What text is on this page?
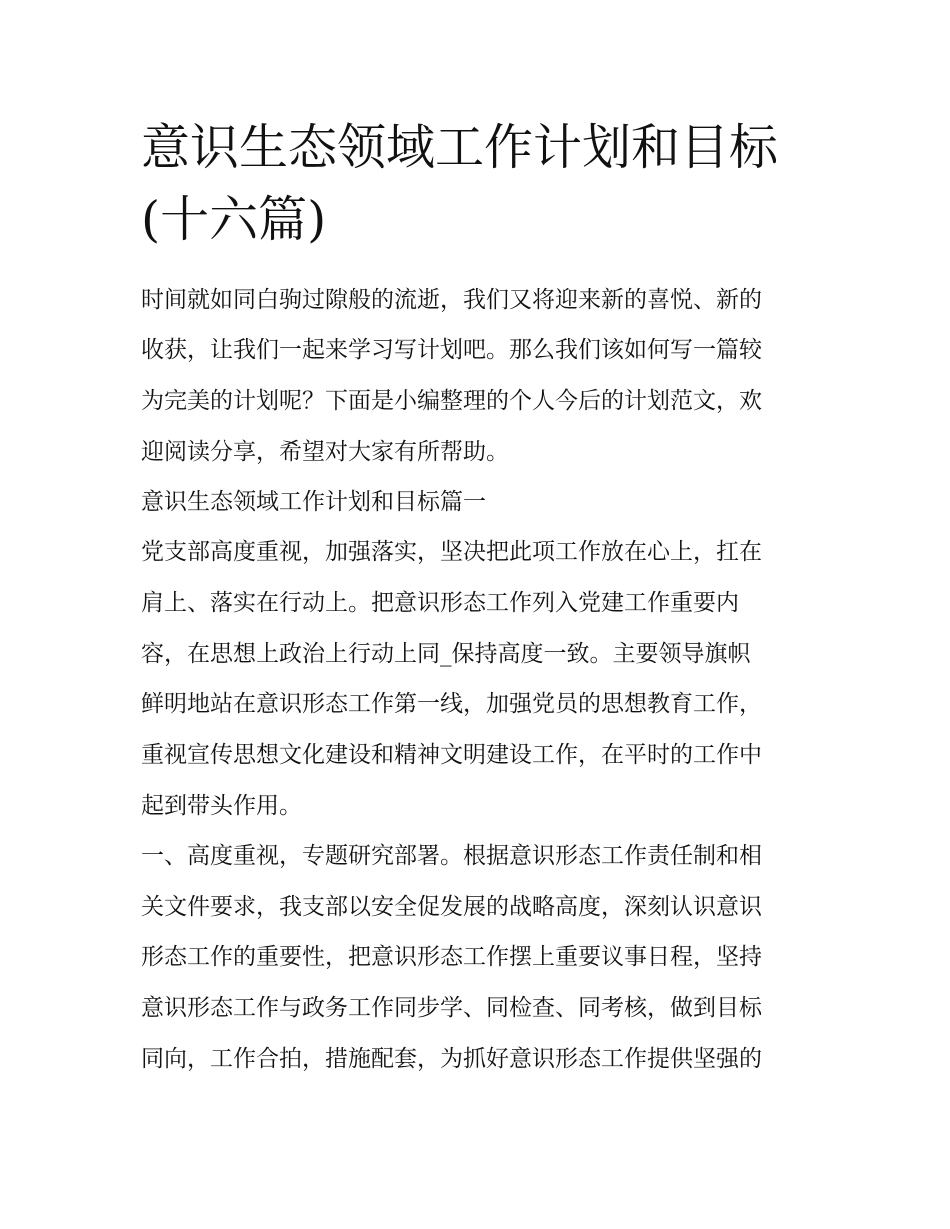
意识生态领域工作计划和目标
(十六篇)

时间就如同白驹过隙般的流逝，我们又将迎来新的喜悦、新的

收获，让我们一起来学习写计划吧。那么我们该如何写一篇较

为完美的计划呢？下面是小编整理的个人今后的计划范文，欢

迎阅读分享，希望对大家有所帮助。

意识生态领域工作计划和目标篇一

党支部高度重视，加强落实，坚决把此项工作放在心上，扛在

肩上、落实在行动上。把意识形态工作列入党建工作重要内

容，在思想上政治上行动上同_保持高度一致。主要领导旗帜

鲜明地站在意识形态工作第一线，加强党员的思想教育工作，

重视宣传思想文化建设和精神文明建设工作，在平时的工作中

起到带头作用。

一、高度重视，专题研究部署。根据意识形态工作责任制和相

关文件要求，我支部以安全促发展的战略高度，深刻认识意识

形态工作的重要性，把意识形态工作摆上重要议事日程，坚持

意识形态工作与政务工作同步学、同检查、同考核，做到目标

同向，工作合拍，措施配套，为抓好意识形态工作提供坚强的
